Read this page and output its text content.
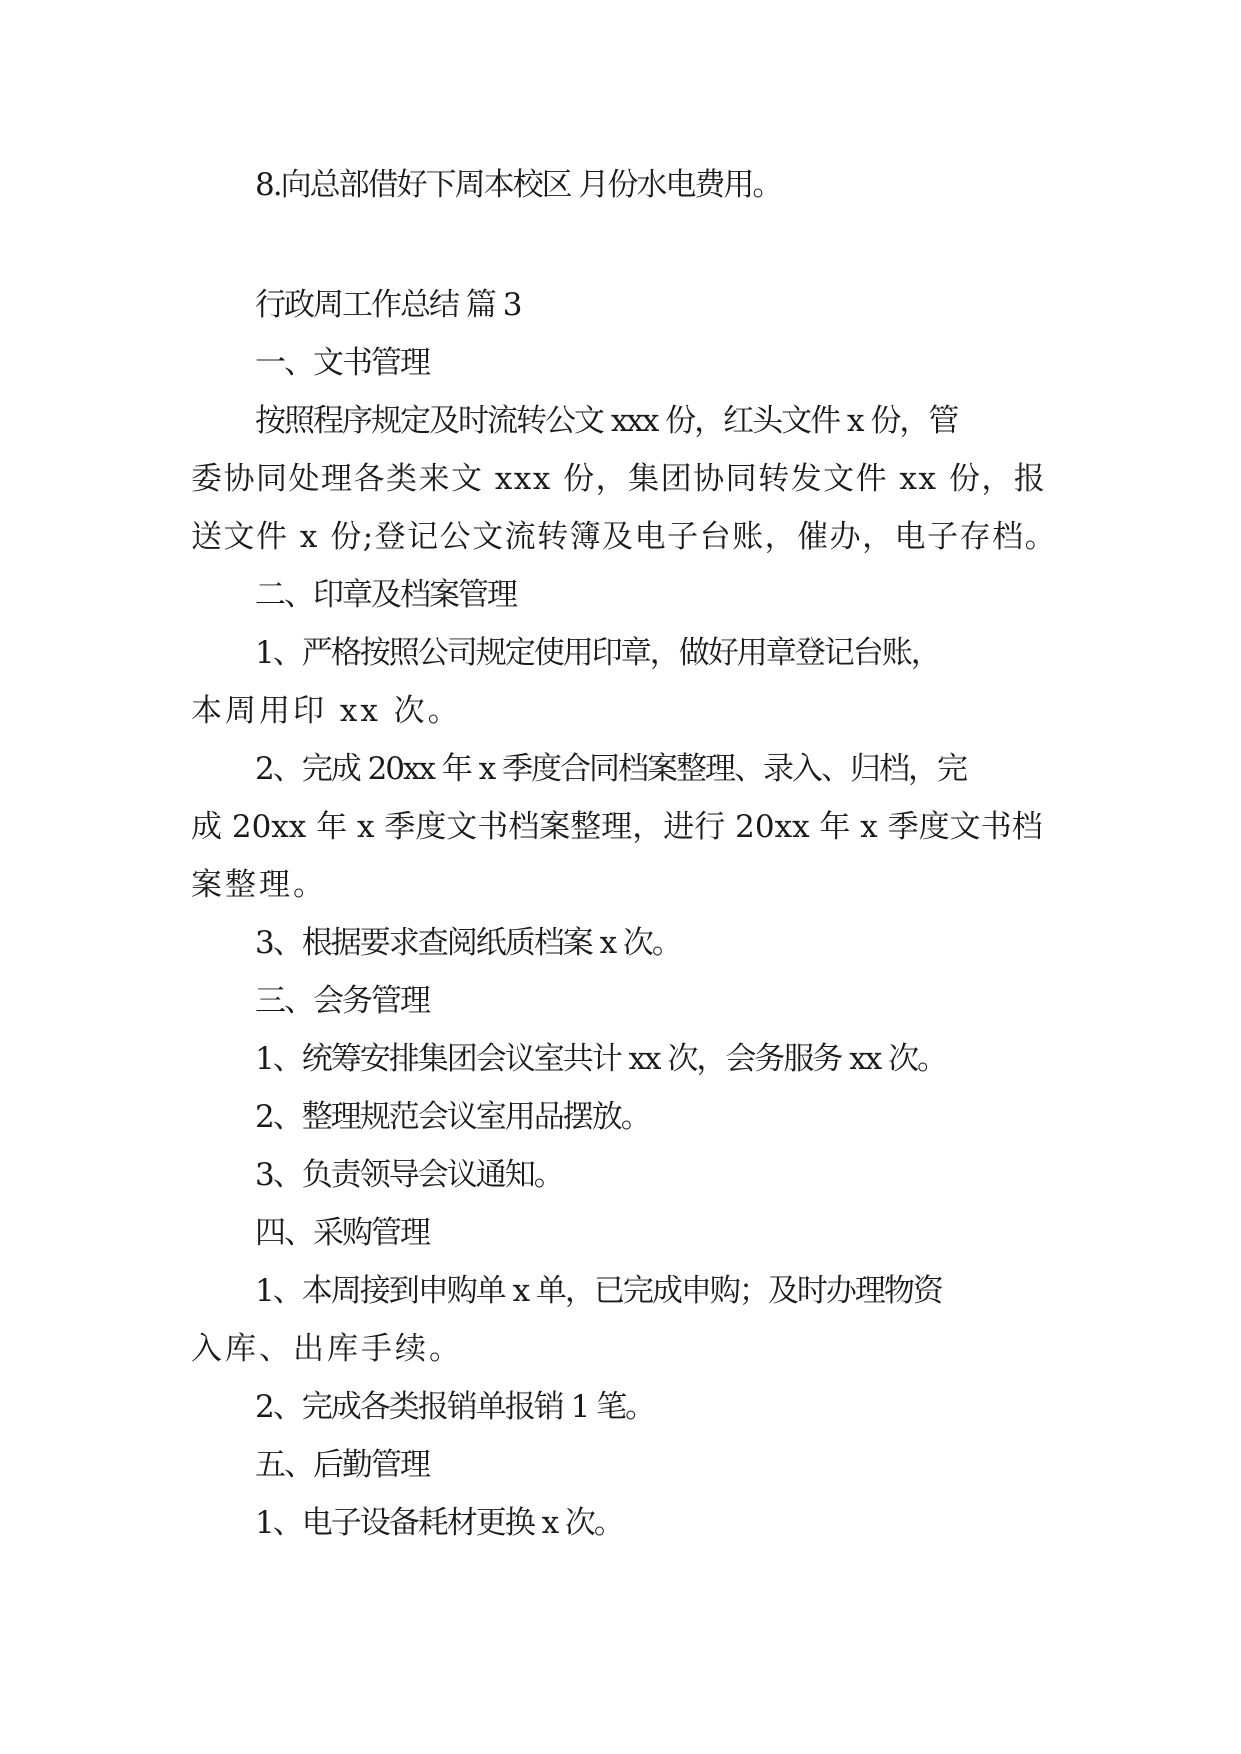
8.向总部借好下周本校区 月份水电费用。
行政周工作总结 篇 3
一、文书管理
按照程序规定及时流转公文 xxx 份，红头文件 x 份，管
委协同处理各类来文 xxx 份，集团协同转发文件 xx 份，报
送文件 x 份;登记公文流转簿及电子台账，催办，电子存档。
二、印章及档案管理
1、严格按照公司规定使用印章，做好用章登记台账，
本周用印 xx 次。
2、完成 20xx 年 x 季度合同档案整理、录入、归档，完
成 20xx 年 x 季度文书档案整理，进行 20xx 年 x 季度文书档
案整理。
3、根据要求查阅纸质档案 x 次。
三、会务管理
1、统筹安排集团会议室共计 xx 次，会务服务 xx 次。
2、整理规范会议室用品摆放。
3、负责领导会议通知。
四、采购管理
1、本周接到申购单 x 单，已完成申购；及时办理物资
入库、出库手续。
2、完成各类报销单报销 1 笔。
五、后勤管理
1、电子设备耗材更换 x 次。
